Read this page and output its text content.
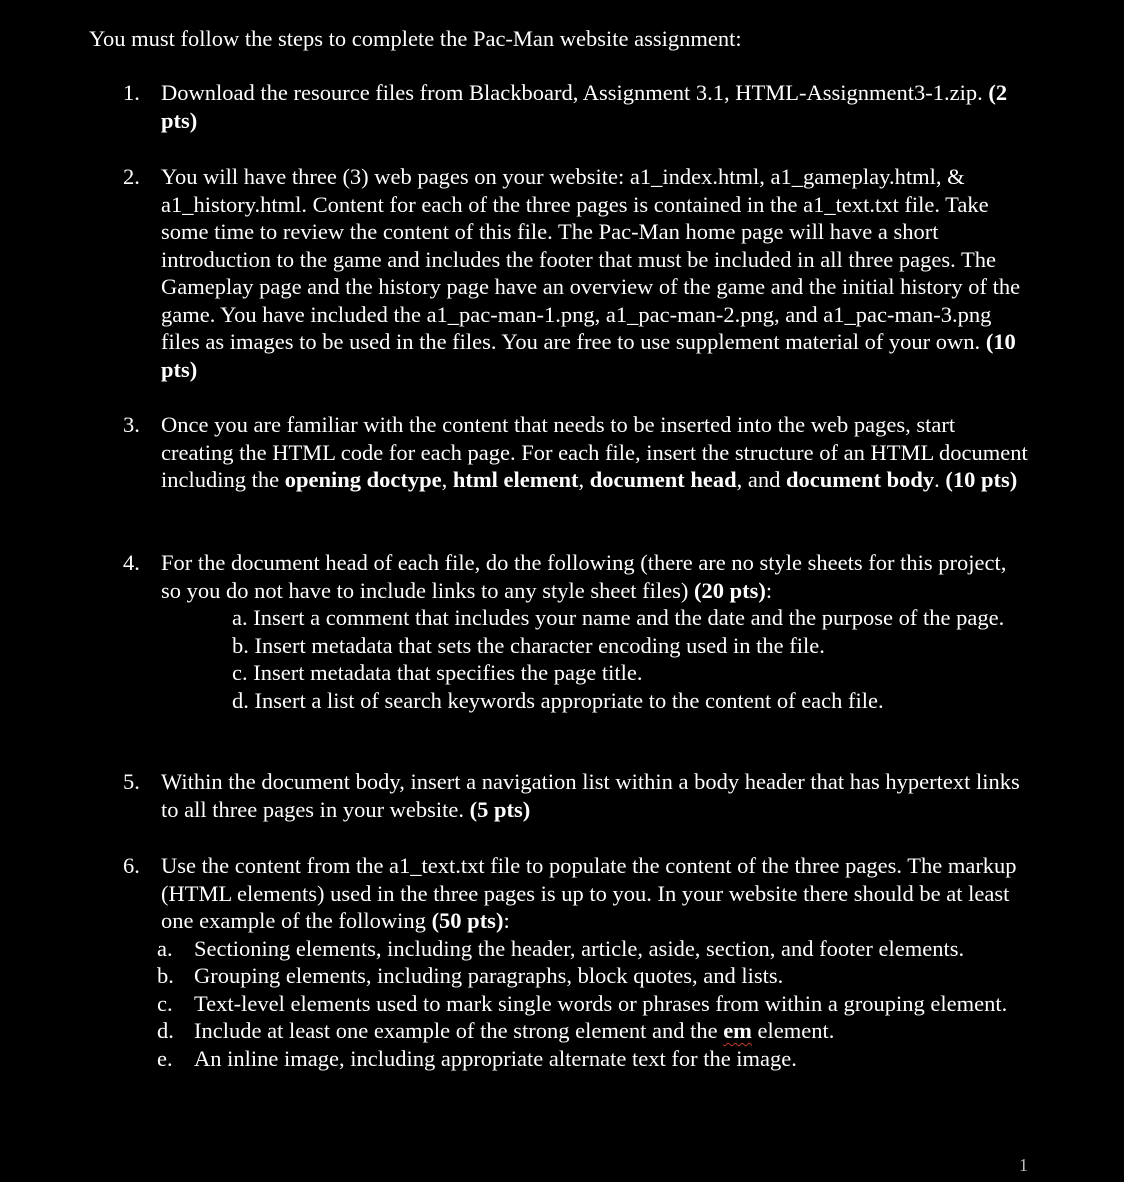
You must follow the steps to complete the Pac-Man website assignment:
1. Download the resource files from Blackboard, Assignment 3.1, HTML-Assignment3-1.zip. (2 pts)
2. You will have three (3) web pages on your website: a1_index.html, a1_gameplay.html, & a1_history.html. Content for each of the three pages is contained in the a1_text.txt file. Take some time to review the content of this file. The Pac-Man home page will have a short introduction to the game and includes the footer that must be included in all three pages. The Gameplay page and the history page have an overview of the game and the initial history of the game. You have included the a1_pac-man-1.png, a1_pac-man-2.png, and a1_pac-man-3.png files as images to be used in the files. You are free to use supplement material of your own. (10 pts)
3. Once you are familiar with the content that needs to be inserted into the web pages, start creating the HTML code for each page. For each file, insert the structure of an HTML document including the opening doctype, html element, document head, and document body. (10 pts)
4. For the document head of each file, do the following (there are no style sheets for this project, so you do not have to include links to any style sheet files) (20 pts):
a. Insert a comment that includes your name and the date and the purpose of the page.
b. Insert metadata that sets the character encoding used in the file.
c. Insert metadata that specifies the page title.
d. Insert a list of search keywords appropriate to the content of each file.
5. Within the document body, insert a navigation list within a body header that has hypertext links to all three pages in your website. (5 pts)
6. Use the content from the a1_text.txt file to populate the content of the three pages. The markup (HTML elements) used in the three pages is up to you. In your website there should be at least one example of the following (50 pts):
a. Sectioning elements, including the header, article, aside, section, and footer elements.
b. Grouping elements, including paragraphs, block quotes, and lists.
c. Text-level elements used to mark single words or phrases from within a grouping element.
d. Include at least one example of the strong element and the em element.
e. An inline image, including appropriate alternate text for the image.
1
